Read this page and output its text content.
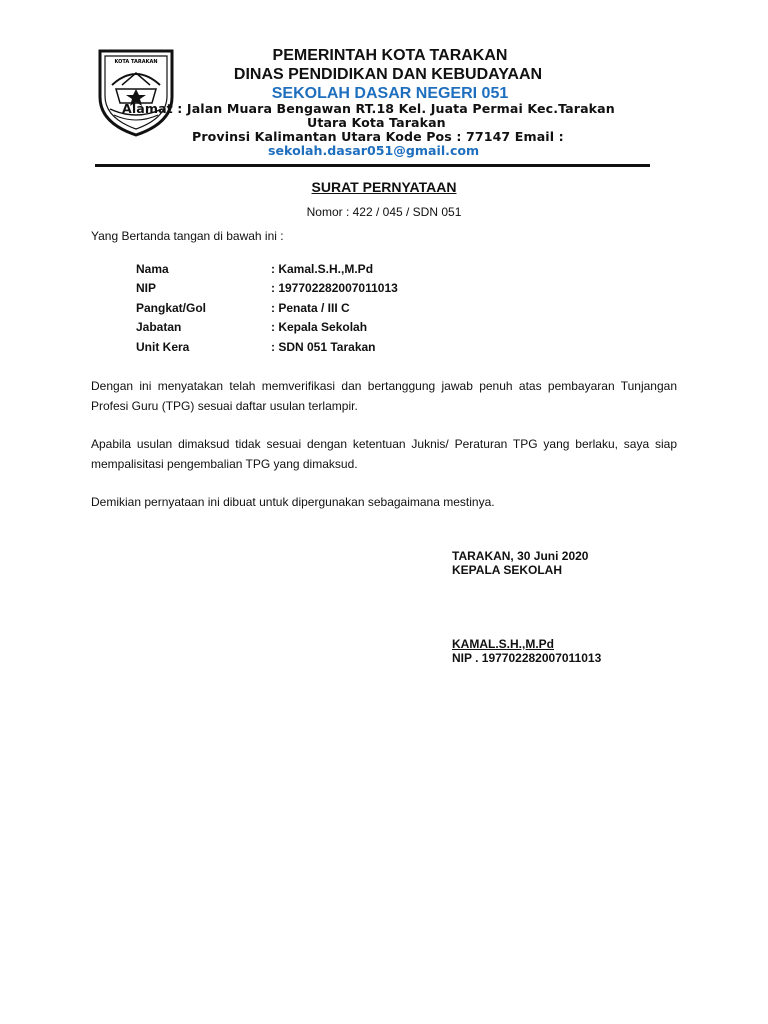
KOTA TARAKAN	PEMERINTAH KOTA TARAKAN
DINAS PENDIDIKAN DAN KEBUDAYAAN
SEKOLAH DASAR NEGERI 051
Alamat : Jalan Muara Bengawan RT.18 Kel. Juata Permai Kec.Tarakan
Utara Kota Tarakan
Provinsi Kalimantan Utara Kode Pos : 77147 Email :
sekolah.dasar051@gmail.com
SURAT PERNYATAAN
Nomor : 422 / 045 / SDN 051
Yang Bertanda tangan di bawah ini :
Nama	: Kamal.S.H.,M.Pd
NIP	: 197702282007011013
Pangkat/Gol	: Penata / III C
Jabatan	: Kepala Sekolah
Unit Kera	: SDN 051 Tarakan
Dengan ini menyatakan telah memverifikasi dan bertanggung jawab penuh atas pembayaran Tunjangan Profesi Guru (TPG) sesuai daftar usulan terlampir.
Apabila usulan dimaksud tidak sesuai dengan ketentuan Juknis/ Peraturan TPG yang berlaku, saya siap mempalisitasi pengembalian TPG yang dimaksud.
Demikian pernyataan ini dibuat untuk dipergunakan sebagaimana mestinya.
TARAKAN, 30 Juni 2020
KEPALA SEKOLAH
KAMAL.S.H.,M.Pd
NIP . 197702282007011013
